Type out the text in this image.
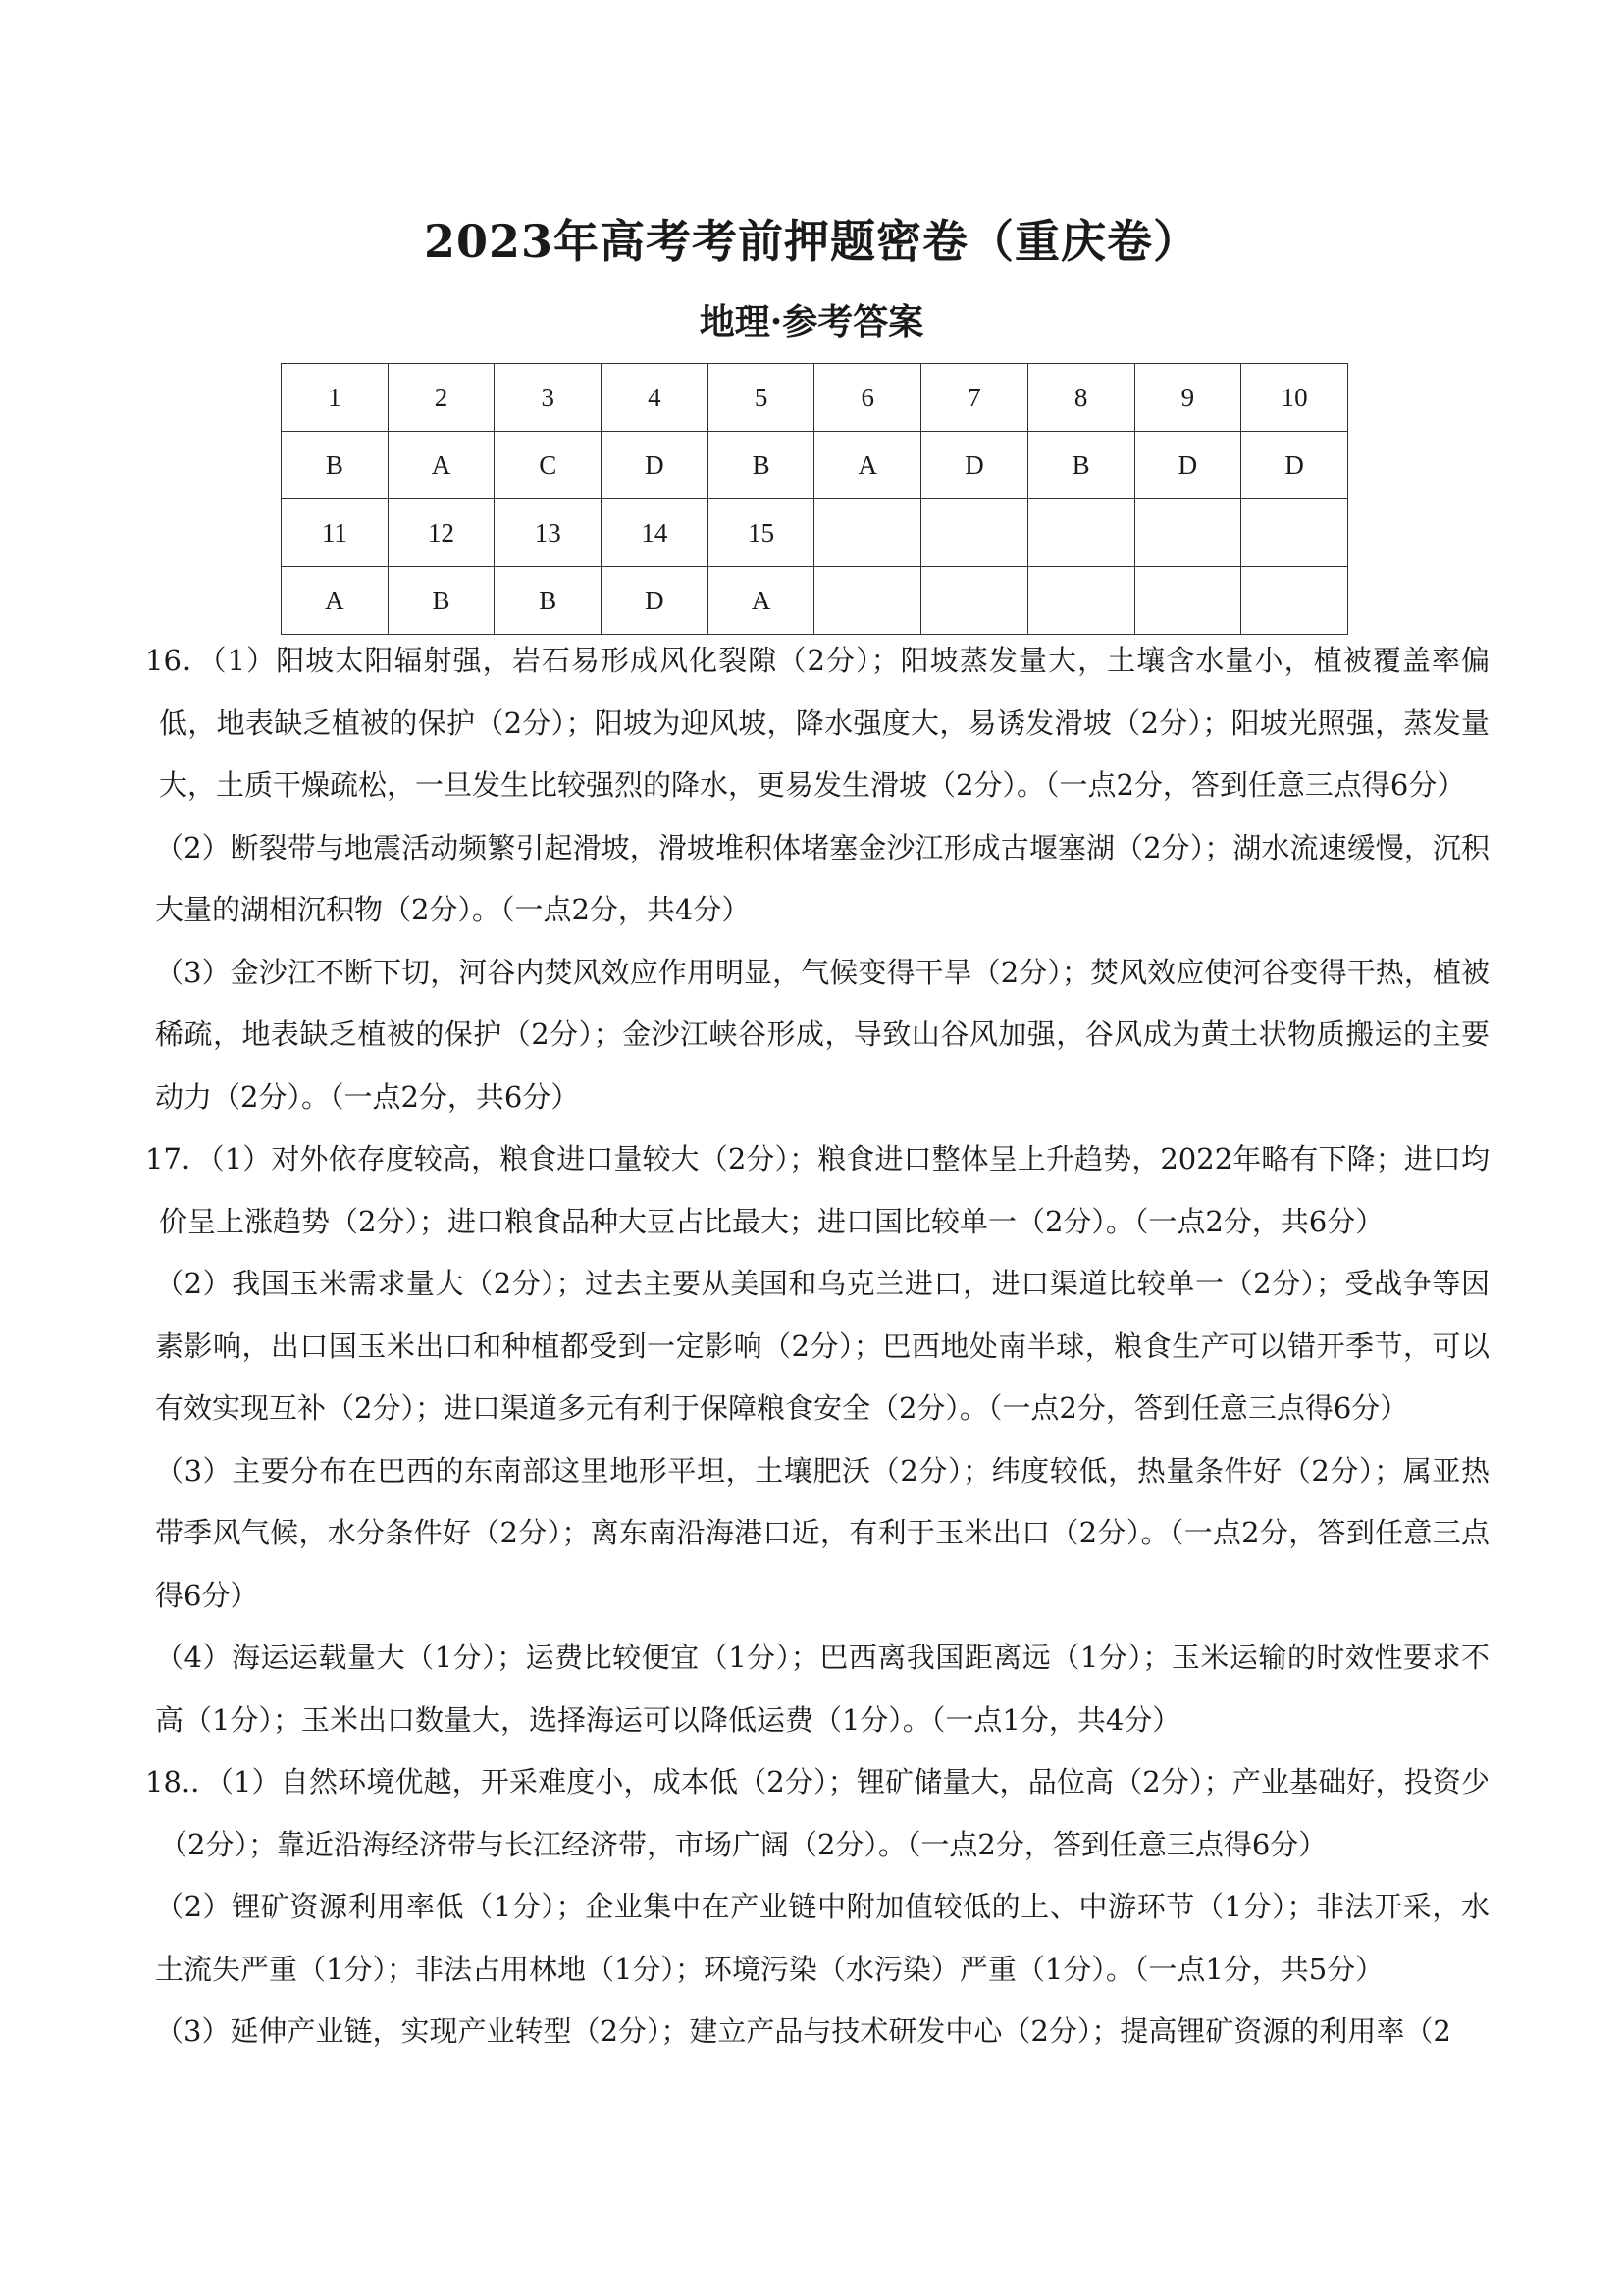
2023年高考考前押题密卷（重庆卷）
地理·参考答案
1	2	3	4	5	6	7	8	9	10
B	A	C	D	B	A	D	B	D	D
11	12	13	14	15					
A	B	B	D	A					

16．（1）阳坡太阳辐射强，岩石易形成风化裂隙（2分）；阳坡蒸发量大，土壤含水量小，植被覆盖率偏低，地表缺乏植被的保护（2分）；阳坡为迎风坡，降水强度大，易诱发滑坡（2分）；阳坡光照强，蒸发量大，土质干燥疏松，一旦发生比较强烈的降水，更易发生滑坡（2分）。（一点2分，答到任意三点得6分）

（2）断裂带与地震活动频繁引起滑坡，滑坡堆积体堵塞金沙江形成古堰塞湖（2分）；湖水流速缓慢，沉积大量的湖相沉积物（2分）。（一点2分，共4分）

（3）金沙江不断下切，河谷内焚风效应作用明显，气候变得干旱（2分）；焚风效应使河谷变得干热，植被稀疏，地表缺乏植被的保护（2分）；金沙江峡谷形成，导致山谷风加强，谷风成为黄土状物质搬运的主要动力（2分）。（一点2分，共6分）

17．（1）对外依存度较高，粮食进口量较大（2分）；粮食进口整体呈上升趋势，2022年略有下降；进口均价呈上涨趋势（2分）；进口粮食品种大豆占比最大；进口国比较单一（2分）。（一点2分，共6分）

（2）我国玉米需求量大（2分）；过去主要从美国和乌克兰进口，进口渠道比较单一（2分）；受战争等因素影响，出口国玉米出口和种植都受到一定影响（2分）；巴西地处南半球，粮食生产可以错开季节，可以有效实现互补（2分）；进口渠道多元有利于保障粮食安全（2分）。（一点2分，答到任意三点得6分）

（3）主要分布在巴西的东南部这里地形平坦，土壤肥沃（2分）；纬度较低，热量条件好（2分）；属亚热带季风气候，水分条件好（2分）；离东南沿海港口近，有利于玉米出口（2分）。（一点2分，答到任意三点得6分）

（4）海运运载量大（1分）；运费比较便宜（1分）；巴西离我国距离远（1分）；玉米运输的时效性要求不高（1分）；玉米出口数量大，选择海运可以降低运费（1分）。（一点1分，共4分）

18.．（1）自然环境优越，开采难度小，成本低（2分）；锂矿储量大，品位高（2分）；产业基础好，投资少（2分）；靠近沿海经济带与长江经济带，市场广阔（2分）。（一点2分，答到任意三点得6分）

（2）锂矿资源利用率低（1分）；企业集中在产业链中附加值较低的上、中游环节（1分）；非法开采，水土流失严重（1分）；非法占用林地（1分）；环境污染（水污染）严重（1分）。（一点1分，共5分）

（3）延伸产业链，实现产业转型（2分）；建立产品与技术研发中心（2分）；提高锂矿资源的利用率（2
